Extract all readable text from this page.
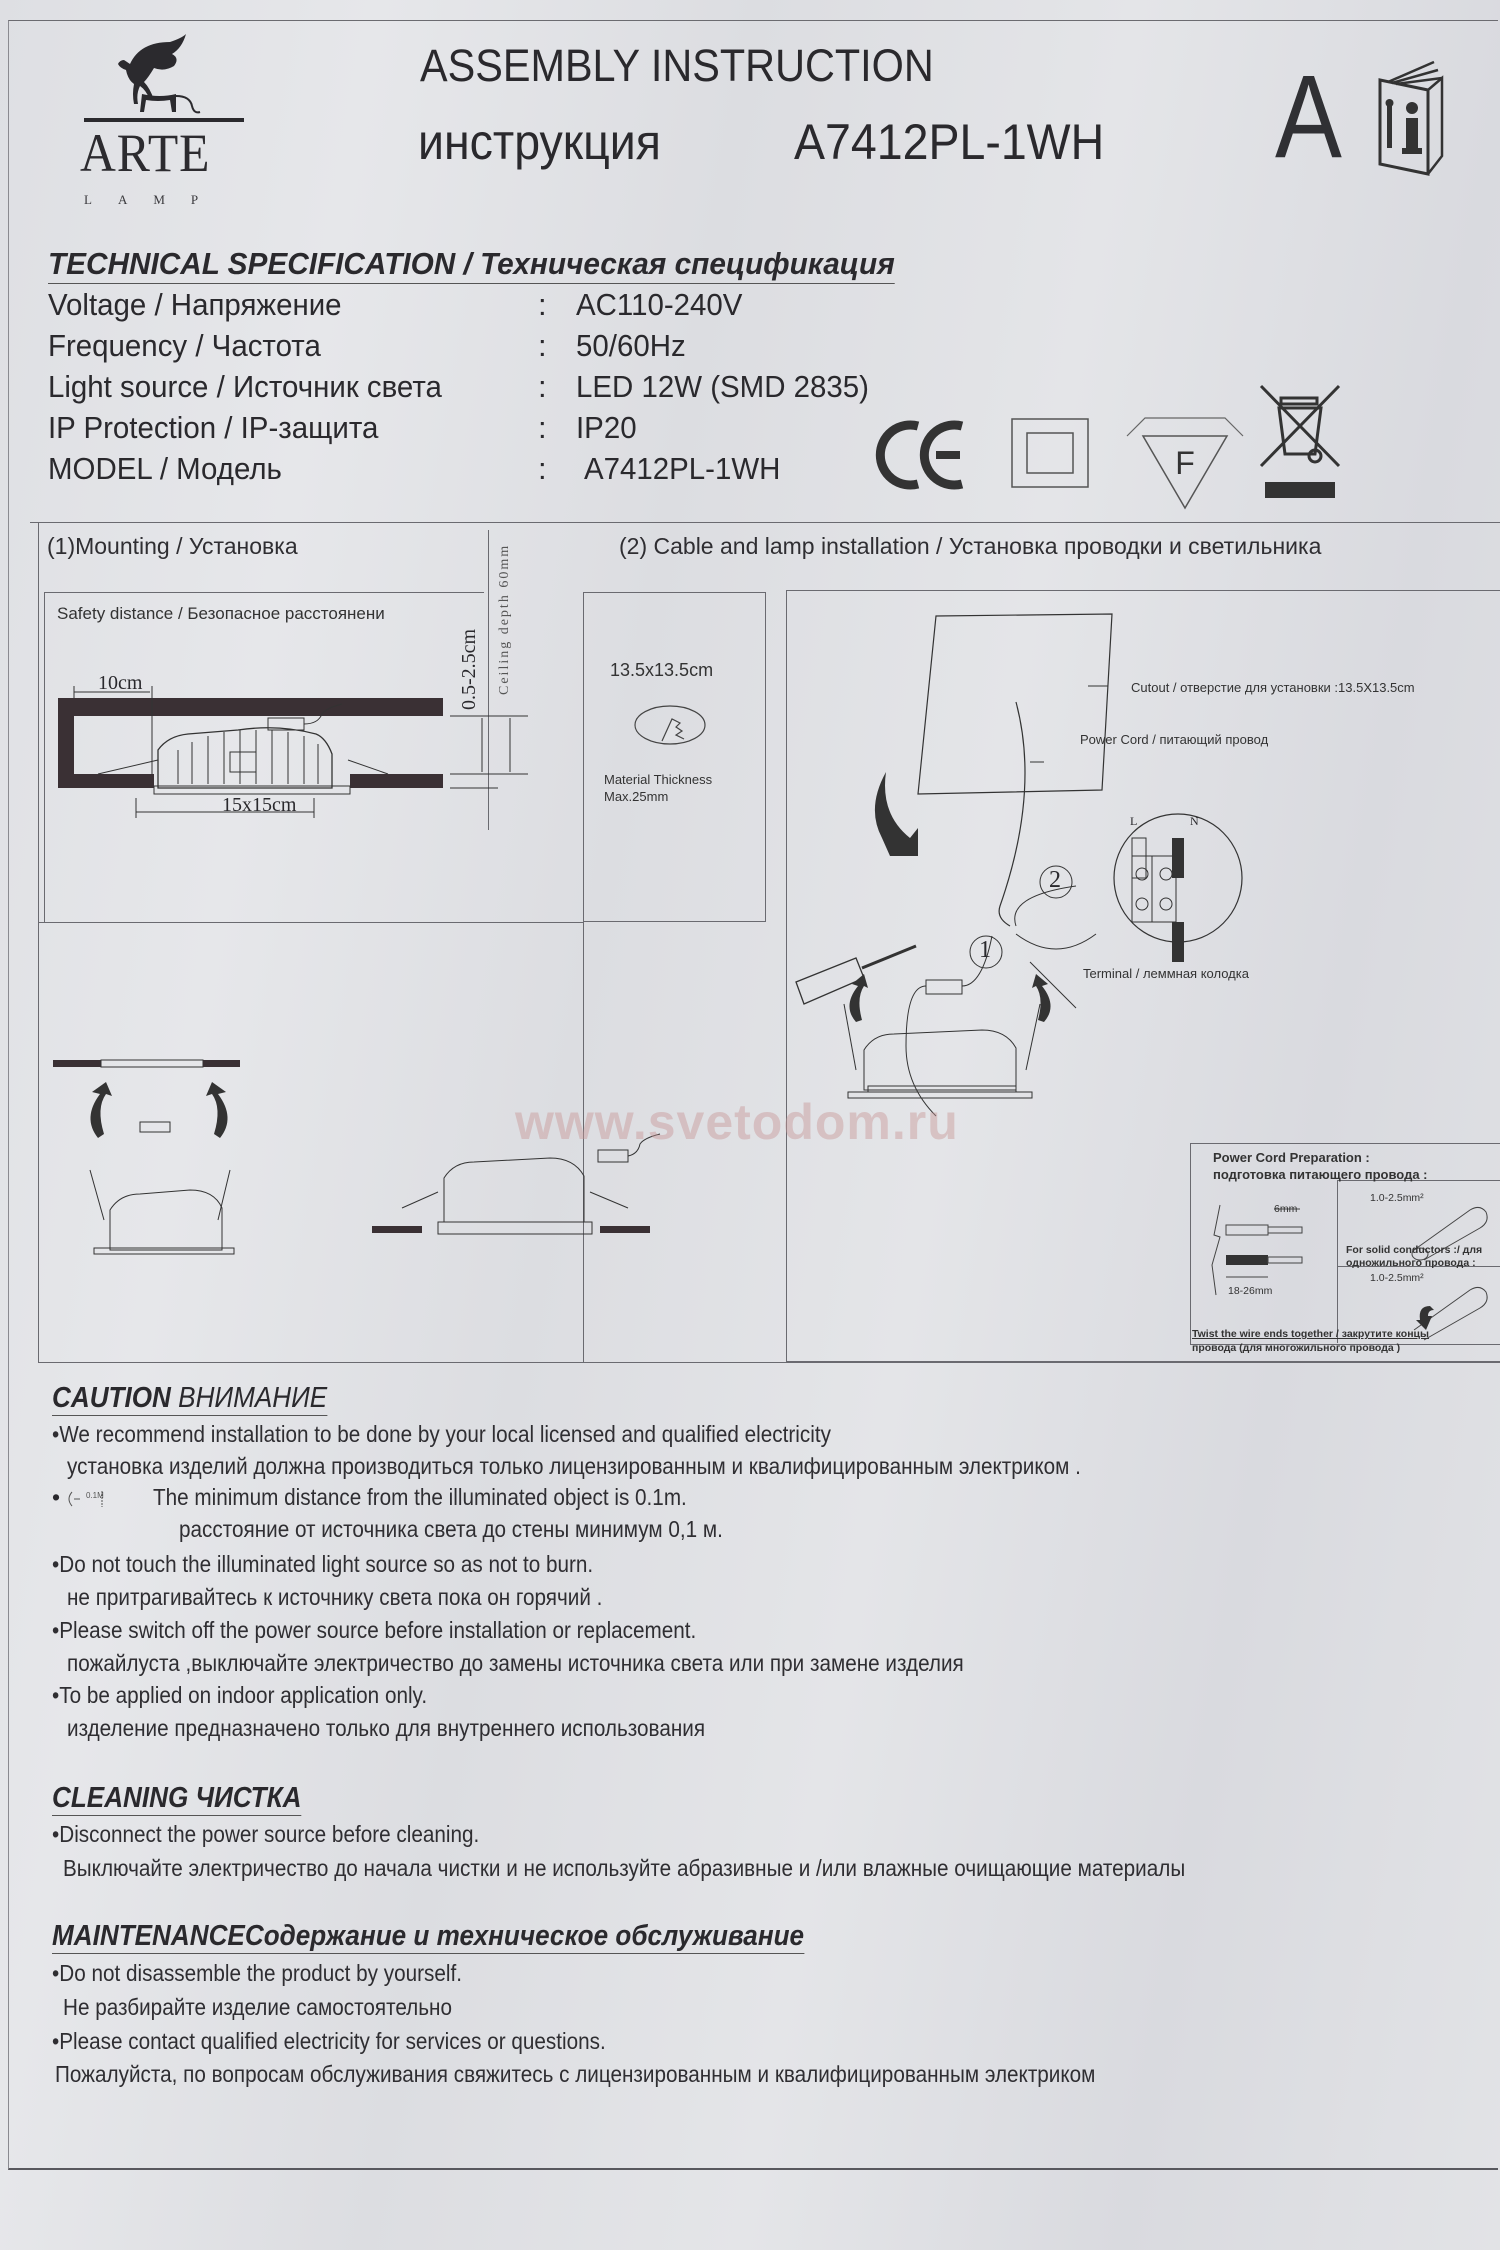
ARTE
LAMP
ASSEMBLY INSTRUCTION
инструкция	A7412PL-1WH A
TECHNICAL SPECIFICATION / Техническая спецификация
Voltage / Напряжение	: AC110-240V
Frequency / Частота	: 50/60Hz
Light source / Источник света	: LED 12W (SMD 2835)
IP Protection / IP-защита	: IP20
MODEL / Модель	: A7412PL-1WH	F
(1)Mounting / Установка
Safety distance / Безопасное расстоянени
10cm
15x15cm
0.5-2.5cm Ceiling depth 60mm	(2) Cable and lamp installation / Установка проводки и светильника
13.5x13.5cm
Material Thickness
Max.25mm
Cutout / отверстие для установки :13.5X13.5cm
Power Cord / питающий провод
Terminal / леммная колодка
1
2
L	N
Power Cord Preparation :
подготовка питающего провода :
6mm
18-26mm
1.0-2.5mm²
For solid conductors :/ для
одножильного провода :
1.0-2.5mm²
Twist the wire ends together / закрутите концы
провода (для многожильного провода )
www.svetodom.ru
CAUTION ВНИМАНИЕ
•We recommend installation to be done by your local licensed and qualified electricity
установка изделий должна производиться только лицензированным и квалифицированным электриком .
•	0.1M The minimum distance from the illuminated object is 0.1m.
расстояние от источника света до стены минимум 0,1 м.
•Do not touch the illuminated light source so as not to burn.
не притрагивайтесь к источнику света пока он горячий .
•Please switch off the power source before installation or replacement.
пожайлуста ,выключайте электричество до замены источника света или при замене изделия
•To be applied on indoor application only.
изделение предназначено только для внутреннего использования
CLEANING ЧИСТКА
•Disconnect the power source before cleaning.
Выключайте электричество до начала чистки и не используйте абразивные и /или влажные очищающие материалы
MAINTENANCEСодержание и техническое обслуживание
•Do not disassemble the product by yourself.
Не разбирайте изделие самостоятельно
•Please contact qualified electricity for services or questions.
Пожалуйста, по вопросам обслуживания свяжитесь с лицензированным и квалифицированным электриком
